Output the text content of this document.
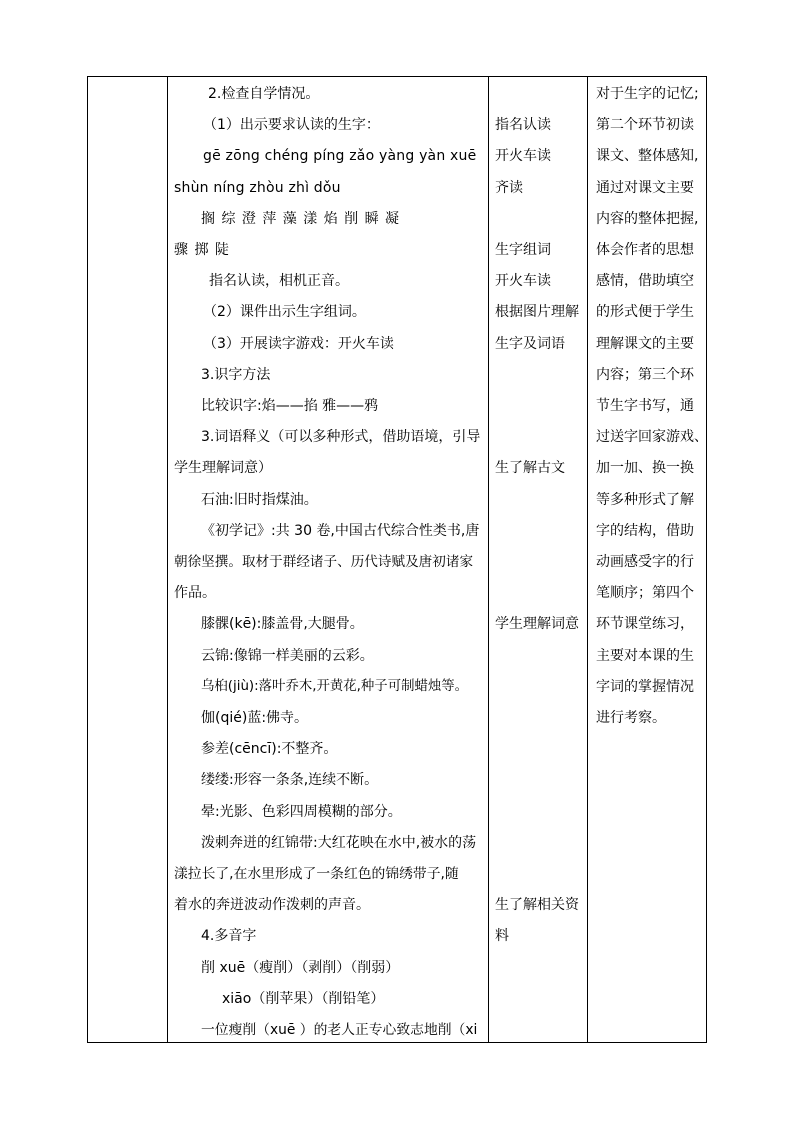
2.检查自学情况。
（1）出示要求认读的生字：
gē zōng chéng píng zǎo yàng yàn xuē
shùn níng zhòu zhì dǒu
搁 综 澄 萍 藻 漾 焰 削 瞬 凝
骤 掷 陡
指名认读，相机正音。
（2）课件出示生字组词。
（3）开展读字游戏：开火车读
3.识字方法
比较识字:焰——掐 雅——鸦
3.词语释义（可以多种形式，借助语境，引导
学生理解词意）
石油:旧时指煤油。
《初学记》:共 30 卷,中国古代综合性类书,唐
朝徐坚撰。取材于群经诸子、历代诗赋及唐初诸家
作品。
膝髁(kē):膝盖骨,大腿骨。
云锦:像锦一样美丽的云彩。
乌桕(jiù):落叶乔木,开黄花,种子可制蜡烛等。
伽(qié)蓝:佛寺。
参差(cēncī):不整齐。
缕缕:形容一条条,连续不断。
晕:光影、色彩四周模糊的部分。
泼刺奔迸的红锦带:大红花映在水中,被水的荡
漾拉长了,在水里形成了一条红色的锦绣带子,随
着水的奔迸波动作泼刺的声音。
4.多音字
削 xuē（瘦削）（剥削）（削弱）
xiāo（削苹果）（削铅笔）
一位瘦削（xuē ）的老人正专心致志地削（xi
指名认读
开火车读
齐读
生字组词
开火车读
根据图片理解
生字及词语
生了解古文
学生理解词意
生了解相关资
料
对于生字的记忆;
第二个环节初读
课文、整体感知,
通过对课文主要
内容的整体把握,
体会作者的思想
感情，借助填空
的形式便于学生
理解课文的主要
内容；第三个环
节生字书写，通
过送字回家游戏、
加一加、换一换
等多种形式了解
字的结构，借助
动画感受字的行
笔顺序；第四个
环节课堂练习，
主要对本课的生
字词的掌握情况
进行考察。
